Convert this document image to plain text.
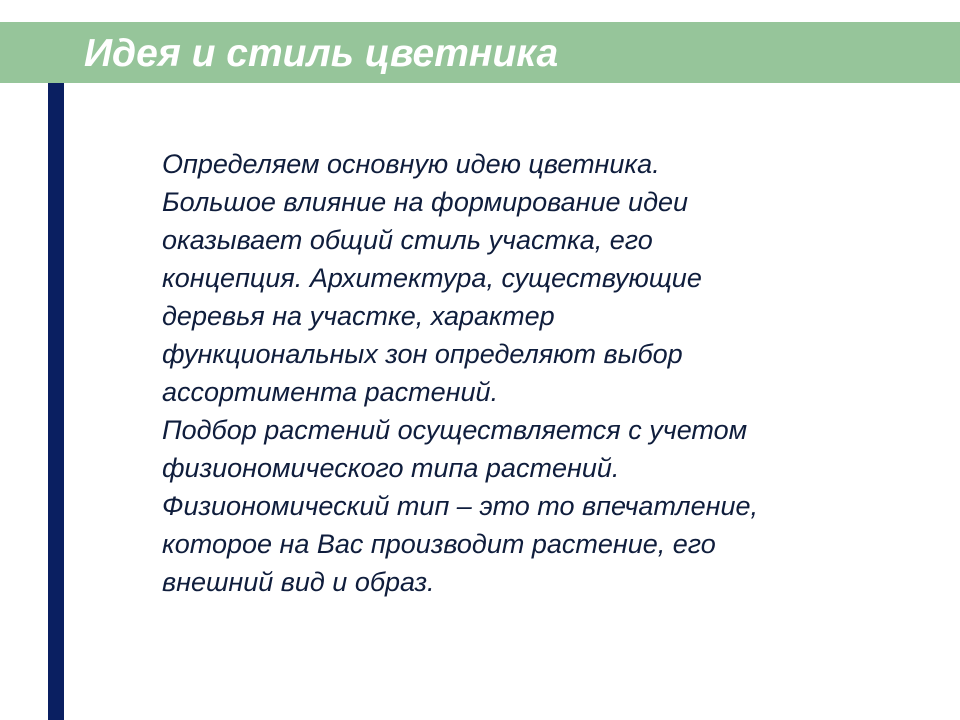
Идея и стиль цветника
Определяем основную идею цветника.
Большое влияние на формирование идеи
оказывает общий стиль участка, его
концепция. Архитектура, существующие
деревья на участке, характер
функциональных зон определяют выбор
ассортимента растений.
Подбор растений осуществляется с учетом
физиономического типа растений.
Физиономический тип – это то впечатление,
которое на Вас производит растение, его
внешний вид и образ.
